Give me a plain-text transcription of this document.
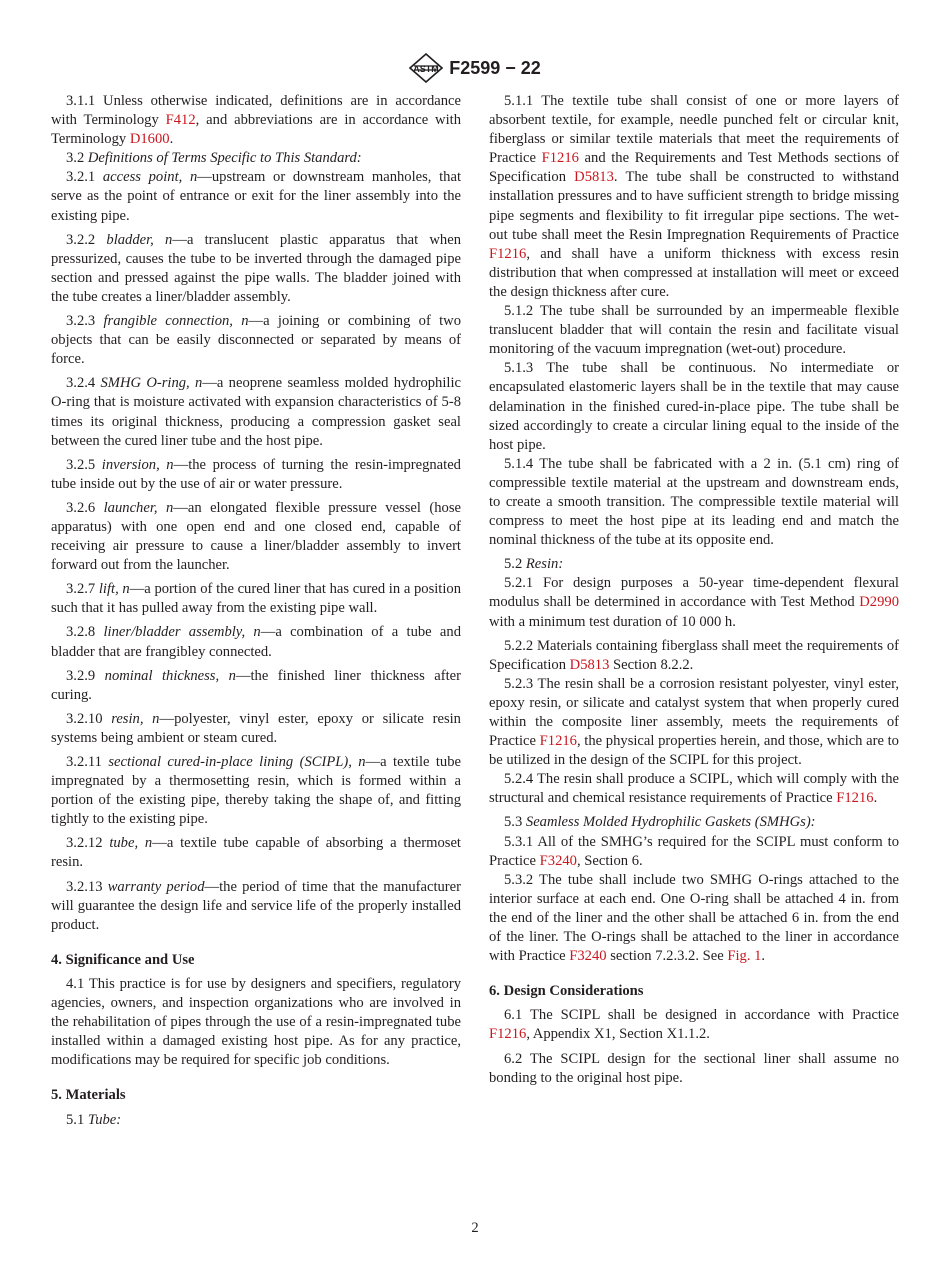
ASTM F2599 − 22

3.1.1 Unless otherwise indicated, definitions are in accordance with Terminology F412, and abbreviations are in accordance with Terminology D1600.

3.2 Definitions of Terms Specific to This Standard:

3.2.1 access point, n—upstream or downstream manholes, that serve as the point of entrance or exit for the liner assembly into the existing pipe.

3.2.2 bladder, n—a translucent plastic apparatus that when pressurized, causes the tube to be inverted through the damaged pipe section and pressed against the pipe walls. The bladder joined with the tube creates a liner/bladder assembly.

3.2.3 frangible connection, n—a joining or combining of two objects that can be easily disconnected or separated by means of force.

3.2.4 SMHG O-ring, n—a neoprene seamless molded hydrophilic O-ring that is moisture activated with expansion characteristics of 5-8 times its original thickness, producing a compression gasket seal between the cured liner tube and the host pipe.

3.2.5 inversion, n—the process of turning the resin-impregnated tube inside out by the use of air or water pressure.

3.2.6 launcher, n—an elongated flexible pressure vessel (hose apparatus) with one open end and one closed end, capable of receiving air pressure to cause a liner/bladder assembly to invert forward out from the launcher.

3.2.7 lift, n—a portion of the cured liner that has cured in a position such that it has pulled away from the existing pipe wall.

3.2.8 liner/bladder assembly, n—a combination of a tube and bladder that are frangibley connected.

3.2.9 nominal thickness, n—the finished liner thickness after curing.

3.2.10 resin, n—polyester, vinyl ester, epoxy or silicate resin systems being ambient or steam cured.

3.2.11 sectional cured-in-place lining (SCIPL), n—a textile tube impregnated by a thermosetting resin, which is formed within a portion of the existing pipe, thereby taking the shape of, and fitting tightly to the existing pipe.

3.2.12 tube, n—a textile tube capable of absorbing a thermoset resin.

3.2.13 warranty period—the period of time that the manufacturer will guarantee the design life and service life of the properly installed product.

4. Significance and Use

4.1 This practice is for use by designers and specifiers, regulatory agencies, owners, and inspection organizations who are involved in the rehabilitation of pipes through the use of a resin-impregnated tube installed within a damaged existing host pipe. As for any practice, modifications may be required for specific job conditions.

5. Materials

5.1 Tube:

5.1.1 The textile tube shall consist of one or more layers of absorbent textile, for example, needle punched felt or circular knit, fiberglass or similar textile materials that meet the requirements of Practice F1216 and the Requirements and Test Methods sections of Specification D5813. The tube shall be constructed to withstand installation pressures and to have sufficient strength to bridge missing pipe segments and flexibility to fit irregular pipe sections. The wet-out tube shall meet the Resin Impregnation Requirements of Practice F1216, and shall have a uniform thickness with excess resin distribution that when compressed at installation will meet or exceed the design thickness after cure.

5.1.2 The tube shall be surrounded by an impermeable flexible translucent bladder that will contain the resin and facilitate visual monitoring of the vacuum impregnation (wet-out) procedure.

5.1.3 The tube shall be continuous. No intermediate or encapsulated elastomeric layers shall be in the textile that may cause delamination in the finished cured-in-place pipe. The tube shall be sized accordingly to create a circular lining equal to the inside of the host pipe.

5.1.4 The tube shall be fabricated with a 2 in. (5.1 cm) ring of compressible textile material at the upstream and downstream ends, to create a smooth transition. The compressible textile material will compress to meet the host pipe at its leading end and match the nominal thickness of the tube at its opposite end.

5.2 Resin:

5.2.1 For design purposes a 50-year time-dependent flexural modulus shall be determined in accordance with Test Method D2990 with a minimum test duration of 10 000 h.

5.2.2 Materials containing fiberglass shall meet the requirements of Specification D5813 Section 8.2.2.

5.2.3 The resin shall be a corrosion resistant polyester, vinyl ester, epoxy resin, or silicate and catalyst system that when properly cured within the composite liner assembly, meets the requirements of Practice F1216, the physical properties herein, and those, which are to be utilized in the design of the SCIPL for this project.

5.2.4 The resin shall produce a SCIPL, which will comply with the structural and chemical resistance requirements of Practice F1216.

5.3 Seamless Molded Hydrophilic Gaskets (SMHGs):

5.3.1 All of the SMHG’s required for the SCIPL must conform to Practice F3240, Section 6.

5.3.2 The tube shall include two SMHG O-rings attached to the interior surface at each end. One O-ring shall be attached 4 in. from the end of the liner and the other shall be attached 6 in. from the end of the liner. The O-rings shall be attached to the liner in accordance with Practice F3240 section 7.2.3.2. See Fig. 1.

6. Design Considerations

6.1 The SCIPL shall be designed in accordance with Practice F1216, Appendix X1, Section X1.1.2.

6.2 The SCIPL design for the sectional liner shall assume no bonding to the original host pipe.

2
